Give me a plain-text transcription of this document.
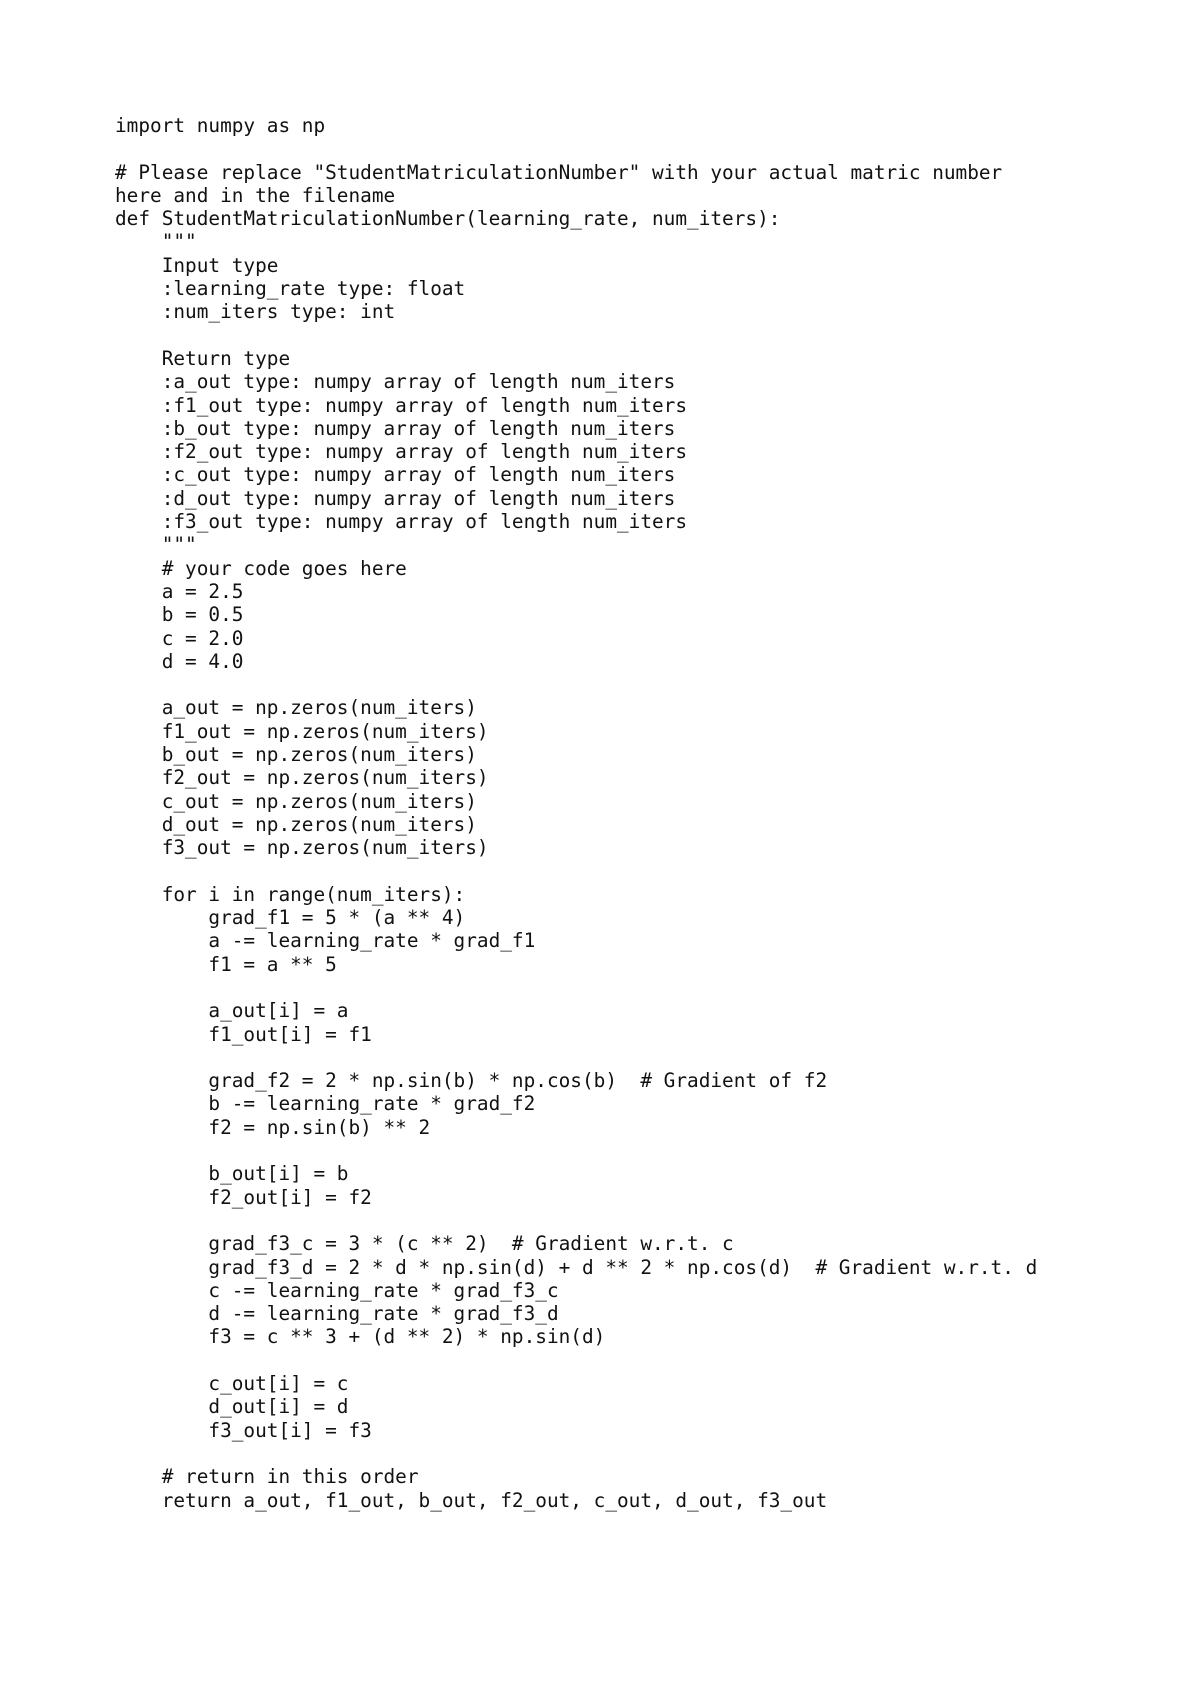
import numpy as np
# Please replace "StudentMatriculationNumber" with your actual matric number
here and in the filename
def StudentMatriculationNumber(learning_rate, num_iters):
"""
Input type
:learning_rate type: float
:num_iters type: int
Return type
:a_out type: numpy array of length num_iters
:f1_out type: numpy array of length num_iters
:b_out type: numpy array of length num_iters
:f2_out type: numpy array of length num_iters
:c_out type: numpy array of length num_iters
:d_out type: numpy array of length num_iters
:f3_out type: numpy array of length num_iters
"""
# your code goes here
a = 2.5
b = 0.5
c = 2.0
d = 4.0
a_out = np.zeros(num_iters)
f1_out = np.zeros(num_iters)
b_out = np.zeros(num_iters)
f2_out = np.zeros(num_iters)
c_out = np.zeros(num_iters)
d_out = np.zeros(num_iters)
f3_out = np.zeros(num_iters)
for i in range(num_iters):
grad_f1 = 5 * (a ** 4)
a -= learning_rate * grad_f1
f1 = a ** 5
a_out[i] = a
f1_out[i] = f1
grad_f2 = 2 * np.sin(b) * np.cos(b)  # Gradient of f2
b -= learning_rate * grad_f2
f2 = np.sin(b) ** 2
b_out[i] = b
f2_out[i] = f2
grad_f3_c = 3 * (c ** 2)  # Gradient w.r.t. c
grad_f3_d = 2 * d * np.sin(d) + d ** 2 * np.cos(d)  # Gradient w.r.t. d
c -= learning_rate * grad_f3_c
d -= learning_rate * grad_f3_d
f3 = c ** 3 + (d ** 2) * np.sin(d)
c_out[i] = c
d_out[i] = d
f3_out[i] = f3
# return in this order
return a_out, f1_out, b_out, f2_out, c_out, d_out, f3_out
